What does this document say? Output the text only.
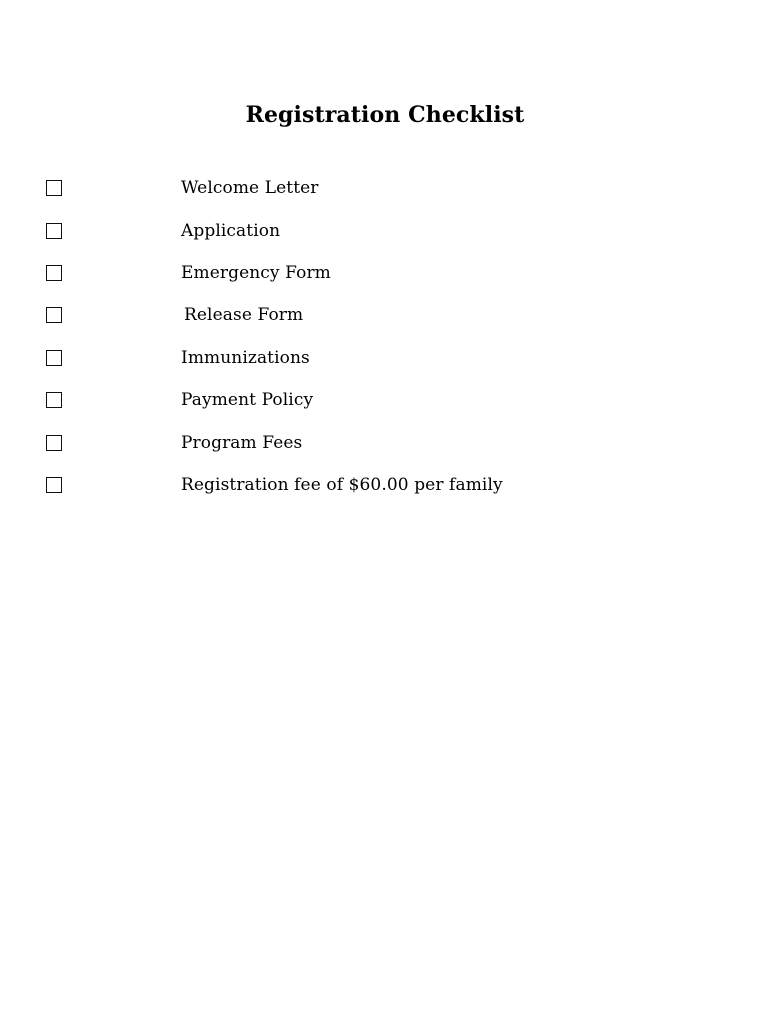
Registration Checklist
Welcome Letter
Application
Emergency Form
Release Form
Immunizations
Payment Policy
Program Fees
Registration fee of $60.00 per family
